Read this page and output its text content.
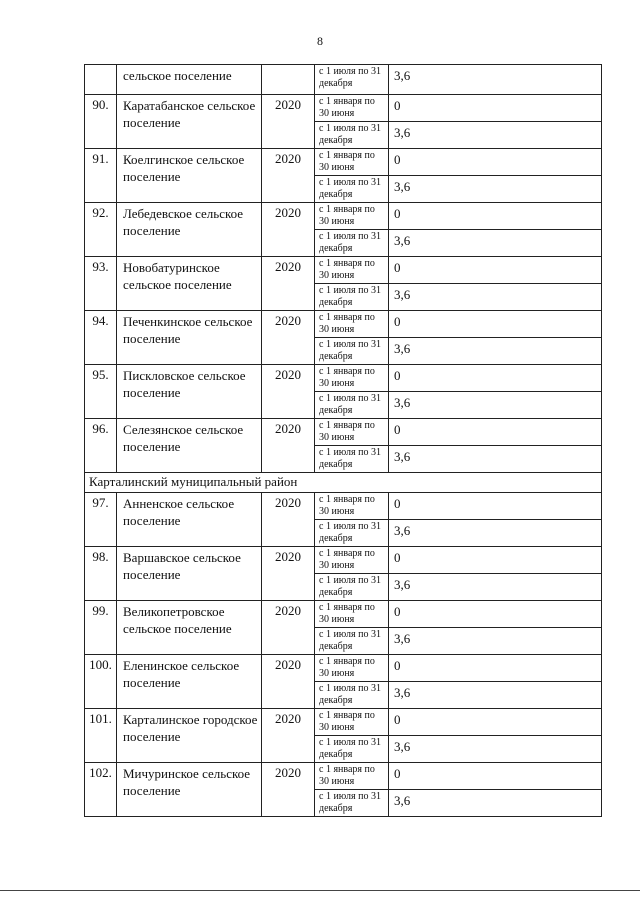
8
	сельское поселение		с 1 июля по 31 декабря	3,6
90.	Каратабанское сельское поселение	2020	с 1 января по 30 июня	0
			с 1 июля по 31 декабря	3,6
91.	Коелгинское сельское поселение	2020	с 1 января по 30 июня	0
			с 1 июля по 31 декабря	3,6
92.	Лебедевское сельское поселение	2020	с 1 января по 30 июня	0
			с 1 июля по 31 декабря	3,6
93.	Новобатуринское сельское поселение	2020	с 1 января по 30 июня	0
			с 1 июля по 31 декабря	3,6
94.	Печенкинское сельское поселение	2020	с 1 января по 30 июня	0
			с 1 июля по 31 декабря	3,6
95.	Пискловское сельское поселение	2020	с 1 января по 30 июня	0
			с 1 июля по 31 декабря	3,6
96.	Селезянское сельское поселение	2020	с 1 января по 30 июня	0
			с 1 июля по 31 декабря	3,6
Карталинский муниципальный район				
97.	Анненское сельское поселение	2020	с 1 января по 30 июня	0
			с 1 июля по 31 декабря	3,6
98.	Варшавское сельское поселение	2020	с 1 января по 30 июня	0
			с 1 июля по 31 декабря	3,6
99.	Великопетровское сельское поселение	2020	с 1 января по 30 июня	0
			с 1 июля по 31 декабря	3,6
100.	Еленинское сельское поселение	2020	с 1 января по 30 июня	0
			с 1 июля по 31 декабря	3,6
101.	Карталинское городское поселение	2020	с 1 января по 30 июня	0
			с 1 июля по 31 декабря	3,6
102.	Мичуринское сельское поселение	2020	с 1 января по 30 июня	0
			с 1 июля по 31 декабря	3,6
